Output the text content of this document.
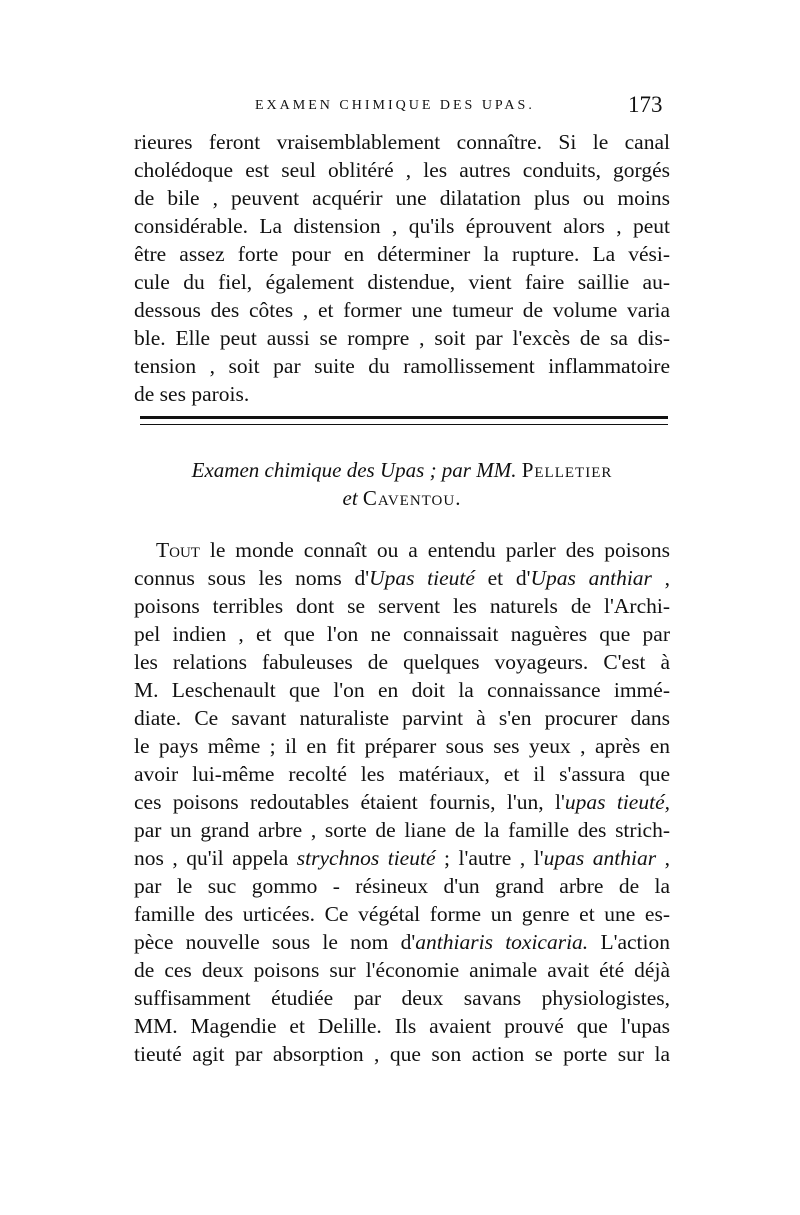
EXAMEN CHIMIQUE DES UPAS.	173
rieures feront vraisemblablement connaître. Si le canal
cholédoque est seul oblitéré , les autres conduits, gorgés
de bile , peuvent acquérir une dilatation plus ou moins
considérable. La distension , qu'ils éprouvent alors , peut
être assez forte pour en déterminer la rupture. La vési-
cule du fiel, également distendue, vient faire saillie au-
dessous des côtes , et former une tumeur de volume varia
ble. Elle peut aussi se rompre , soit par l'excès de sa dis-
tension , soit par suite du ramollissement inflammatoire
de ses parois.
Examen chimique des Upas ; par MM. Pelletier
et Caventou.
Tout le monde connaît ou a entendu parler des poisons
connus sous les noms d'Upas tieuté et d'Upas anthiar ,
poisons terribles dont se servent les naturels de l'Archi-
pel indien , et que l'on ne connaissait naguères que par
les relations fabuleuses de quelques voyageurs. C'est à
M. Leschenault que l'on en doit la connaissance immé-
diate. Ce savant naturaliste parvint à s'en procurer dans
le pays même ; il en fit préparer sous ses yeux , après en
avoir lui-même recolté les matériaux, et il s'assura que
ces poisons redoutables étaient fournis, l'un, l'upas tieuté,
par un grand arbre , sorte de liane de la famille des strich-
nos , qu'il appela strychnos tieuté ; l'autre , l'upas anthiar ,
par le suc gommo - résineux d'un grand arbre de la
famille des urticées. Ce végétal forme un genre et une es-
pèce nouvelle sous le nom d'anthiaris toxicaria. L'action
de ces deux poisons sur l'économie animale avait été déjà
suffisamment étudiée par deux savans physiologistes,
MM. Magendie et Delille. Ils avaient prouvé que l'upas
tieuté agit par absorption , que son action se porte sur la
